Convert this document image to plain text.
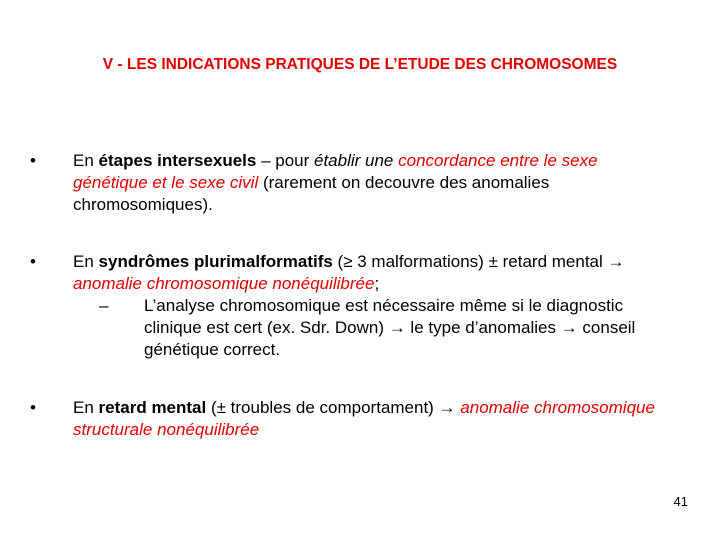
V - LES INDICATIONS PRATIQUES DE L’ETUDE DES CHROMOSOMES
•	En étapes intersexuels – pour établir une concordance entre le sexe génétique et le sexe civil (rarement on decouvre des anomalies chromosomiques).
•	En syndrômes plurimalformatifs (≥ 3 malformations) ± retard mental → anomalie chromosomique nonéquilibrée;
– L’analyse chromosomique est nécessaire même si le diagnostic clinique est cert (ex. Sdr. Down) → le type d’anomalies → conseil génétique correct.
•	En retard mental (± troubles de comportament) → anomalie chromosomique structurale nonéquilibrée
41
